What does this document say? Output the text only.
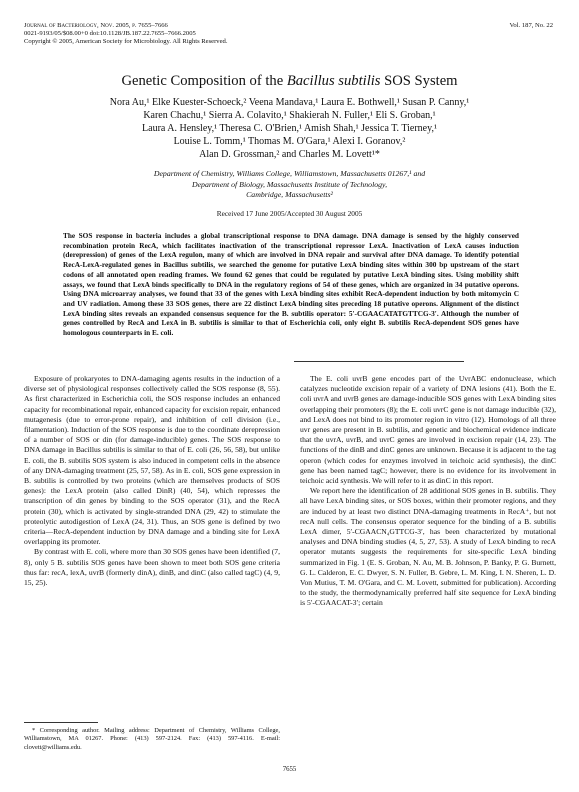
Journal of Bacteriology, Nov. 2005, p. 7655–7666
0021-9193/05/$08.00+0 doi:10.1128/JB.187.22.7655–7666.2005
Copyright © 2005, American Society for Microbiology. All Rights Reserved.
Vol. 187, No. 22
Genetic Composition of the Bacillus subtilis SOS System
Nora Au,¹ Elke Kuester-Schoeck,² Veena Mandava,¹ Laura E. Bothwell,¹ Susan P. Canny,¹
Karen Chachu,¹ Sierra A. Colavito,¹ Shakierah N. Fuller,¹ Eli S. Groban,¹
Laura A. Hensley,¹ Theresa C. O'Brien,¹ Amish Shah,¹ Jessica T. Tierney,¹
Louise L. Tomm,¹ Thomas M. O'Gara,¹ Alexi I. Goranov,²
Alan D. Grossman,² and Charles M. Lovett¹*
Department of Chemistry, Williams College, Williamstown, Massachusetts 01267,¹ and
Department of Biology, Massachusetts Institute of Technology,
Cambridge, Massachusetts²
Received 17 June 2005/Accepted 30 August 2005
The SOS response in bacteria includes a global transcriptional response to DNA damage. DNA damage is sensed by the highly conserved recombination protein RecA, which facilitates inactivation of the transcriptional repressor LexA. Inactivation of LexA causes induction (derepression) of genes of the LexA regulon, many of which are involved in DNA repair and survival after DNA damage. To identify potential RecA-LexA-regulated genes in Bacillus subtilis, we searched the genome for putative LexA binding sites within 300 bp upstream of the start codons of all annotated open reading frames. We found 62 genes that could be regulated by putative LexA binding sites. Using mobility shift assays, we found that LexA binds specifically to DNA in the regulatory regions of 54 of these genes, which are organized in 34 putative operons. Using DNA microarray analyses, we found that 33 of the genes with LexA binding sites exhibit RecA-dependent induction by both mitomycin C and UV radiation. Among these 33 SOS genes, there are 22 distinct LexA binding sites preceding 18 putative operons. Alignment of the distinct LexA binding sites reveals an expanded consensus sequence for the B. subtilis operator: 5′-CGAACATATGTTCG-3′. Although the number of genes controlled by RecA and LexA in B. subtilis is similar to that of Escherichia coli, only eight B. subtilis RecA-dependent SOS genes have homologous counterparts in E. coli.

Exposure of prokaryotes to DNA-damaging agents results in the induction of a diverse set of physiological responses collectively called the SOS response (8, 55). As first characterized in Escherichia coli, the SOS response includes an enhanced capacity for recombinational repair, enhanced capacity for excision repair, enhanced mutagenesis (due to error-prone repair), and inhibition of cell division (i.e., filamentation). Induction of the SOS response is due to the coordinate derepression of a number of SOS or din (for damage-inducible) genes. The SOS response to DNA damage in Bacillus subtilis is similar to that of E. coli (26, 56, 58), but unlike E. coli, the B. subtilis SOS system is also induced in competent cells in the absence of any DNA-damaging treatment (25, 57, 58). As in E. coli, SOS gene expression in B. subtilis is controlled by two proteins (which are themselves products of SOS genes): the LexA protein (also called DinR) (40, 54), which represses the transcription of din genes by binding to the SOS operator (31), and the RecA protein (30), which is activated by single-stranded DNA (29, 42) to stimulate the proteolytic autodigestion of LexA (24, 31). Thus, an SOS gene is defined by two criteria—RecA-dependent induction by DNA damage and a binding site for LexA overlapping its promoter.

By contrast with E. coli, where more than 30 SOS genes have been identified (7, 8), only 5 B. subtilis SOS genes have been shown to meet both SOS gene criteria thus far: recA, lexA, uvrB (formerly dinA), dinB, and dinC (also called tagC) (4, 9, 15, 25).

The E. coli uvrB gene encodes part of the UvrABC endonuclease, which catalyzes nucleotide excision repair of a variety of DNA lesions (41). Both the E. coli uvrA and uvrB genes are damage-inducible SOS genes with LexA binding sites overlapping their promoters (8); the E. coli uvrC gene is not damage inducible (32), and LexA does not bind to its promoter region in vitro (12). Homologs of all three uvr genes are present in B. subtilis, and genetic and biochemical evidence indicate that the uvrA, uvrB, and uvrC genes are involved in excision repair (14, 23). The functions of the dinB and dinC genes are unknown. Because it is adjacent to the tag operon (which codes for enzymes involved in teichoic acid synthesis), the dinC gene has been named tagC; however, there is no evidence for its involvement in teichoic acid synthesis. We will refer to it as dinC in this report.

We report here the identification of 28 additional SOS genes in B. subtilis. They all have LexA binding sites, or SOS boxes, within their promoter regions, and they are induced by at least two distinct DNA-damaging treatments in RecA⁺, but not recA null cells. The consensus operator sequence for the binding of a B. subtilis LexA dimer, 5′-CGAACN₄GTTCG-3′, has been characterized by mutational analyses and DNA binding studies (4, 5, 27, 53). A study of LexA binding to recA operator mutants suggests the requirements for site-specific LexA binding summarized in Fig. 1 (E. S. Groban, N. Au, M. B. Johnson, P. Banky, P. G. Burnett, G. L. Calderon, E. C. Dwyer, S. N. Fuller, B. Gebre, L. M. King, I. N. Sheren, L. D. Von Mutius, T. M. O'Gara, and C. M. Lovett, submitted for publication). According to the study, the thermodynamically preferred half site sequence for LexA binding is 5′-CGAACAT-3′; certain

* Corresponding author. Mailing address: Department of Chemistry, Williams College, Williamstown, MA 01267. Phone: (413) 597-2124. Fax: (413) 597-4116. E-mail: clovett@williams.edu.

7655
